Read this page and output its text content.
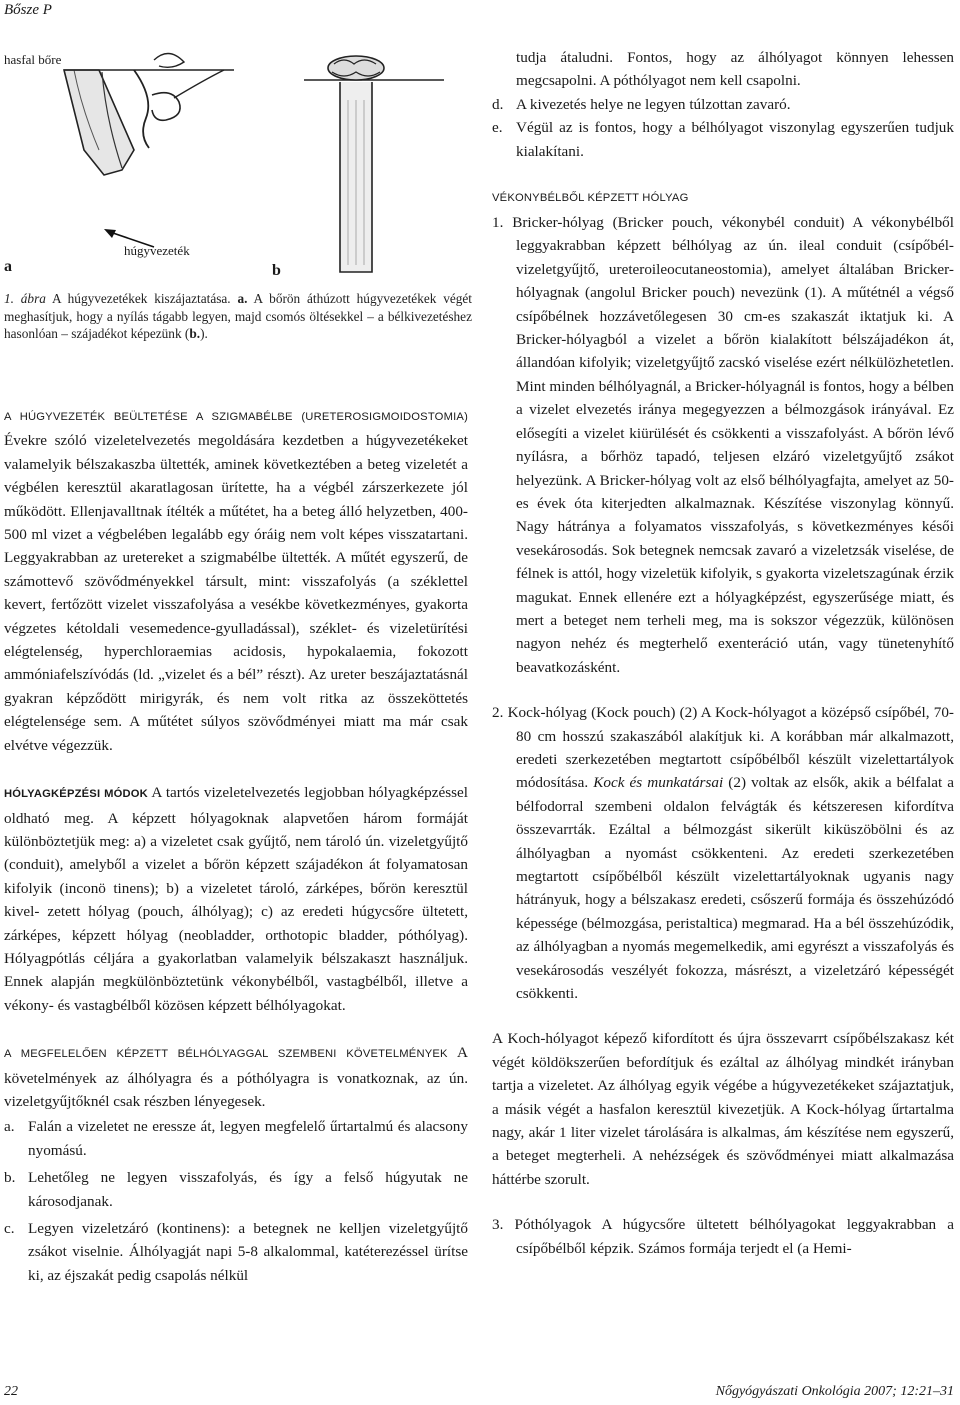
Bősze P
hasfal bőre
a
húgyvezeték
b
1. ábra A húgyvezetékek kiszájaztatása. a. A bőrön áthúzott húgyvezetékek végét meghasítjuk, hogy a nyílás tágabb legyen, majd csomós öltésekkel – a bélkivezetéshez hasonlóan – szájadékot képezünk (b.).

A HÚGYVEZETÉK BEÜLTETÉSE A SZIGMABÉLBE (URETEROSIGMOIDOSTOMIA) Évekre szóló vizeletelvezetés megoldására kezdetben a húgyvezetékeket valamelyik bélszakaszba ültették, aminek következtében a beteg vizeletét a végbélen keresztül akaratlagosan ürítette, ha a végbél zárszerkezete jól működött. Ellenjavalltnak ítélték a műtétet, ha a beteg álló helyzetben, 400-500 ml vizet a végbelében legalább egy óráig nem volt képes visszatartani. Leggyakrabban az uretereket a szigmabélbe ültették. A műtét egyszerű, de számottevő szövődményekkel társult, mint: visszafolyás (a széklettel kevert, fertőzött vizelet visszafolyása a vesékbe következményes, gyakorta végzetes kétoldali vesemedence-gyulladással), széklet- és vizeletürítési elégtelenség, hyperchloraemias acidosis, hypokalaemia, fokozott ammóniafelszívódás (ld. „vizelet és a bél” részt). Az ureter beszájaztatásnál gyakran képződött mirigyrák, és nem volt ritka az összeköttetés elégtelensége sem. A műtétet súlyos szövődményei miatt ma már csak elvétve végezzük.

HÓLYAGKÉPZÉSI MÓDOK A tartós vizeletelvezetés legjobban hólyagképzéssel oldható meg. A képzett hólyagoknak alapvetően három formáját különböztetjük meg: a) a vizeletet csak gyűjtő, nem tároló ún. vizeletgyűjtő (conduit), amelyből a vizelet a bőrön képzett szájadékon át folyamatosan kifolyik (inconö tinens); b) a vizeletet tároló, zárképes, bőrön keresztül kivel- zetett hólyag (pouch, álhólyag); c) az eredeti húgycsőre ültetett, zárképes, képzett hólyag (neobladder, orthotopic bladder, póthólyag). Hólyagpótlás céljára a gyakorlatban valamelyik bélszakaszt használjuk. Ennek alapján megkülönböztetünk vékonybélből, vastagbélből, illetve a vékony- és vastagbélből közösen képzett bélhólyagokat.

A MEGFELELŐEN KÉPZETT BÉLHÓLYAGGAL SZEMBENI KÖVETELMÉNYEK A követelmények az álhólyagra és a póthólyagra is vonatkoznak, az ún. vizeletgyűjtőknél csak részben lényegesek.

a. Falán a vizeletet ne eressze át, legyen megfelelő űrtartalmú és alacsony nyomású.
b. Lehetőleg ne legyen visszafolyás, és így a felső húgyutak ne károsodjanak.
c. Legyen vizeletzáró (kontinens): a betegnek ne kelljen vizeletgyűjtő zsákot viselnie. Álhólyagját napi 5-8 alkalommal, katéterezéssel ürítse ki, az éjszakát pedig csapolás nélkül

tudja átaludni. Fontos, hogy az álhólyagot könnyen lehessen megcsapolni. A póthólyagot nem kell csapolni.

d. A kivezetés helye ne legyen túlzottan zavaró.
e. Végül az is fontos, hogy a bélhólyagot viszonylag egyszerűen tudjuk kialakítani.

VÉKONYBÉLBŐL KÉPZETT HÓLYAG

1. Bricker-hólyag (Bricker pouch, vékonybél conduit) A vékonybélből leggyakrabban képzett bélhólyag az ún. ileal conduit (csípőbél-vizeletgyűjtő, ureteroileocutaneostomia), amelyet általában Bricker-hólyagnak (angolul Bricker pouch) nevezünk (1). A műtétnél a végső csípőbélnek hozzávetőlegesen 30 cm-es szakaszát iktatjuk ki. A Bricker-hólyagból a vizelet a bőrön kialakított bélszájadékon át, állandóan kifolyik; vizeletgyűjtő zacskó viselése ezért nélkülözhetetlen. Mint minden bélhólyagnál, a Bricker-hólyagnál is fontos, hogy a bélben a vizelet elvezetés iránya megegyezzen a bélmozgások irányával. Ez elősegíti a vizelet kiürülését és csökkenti a visszafolyást. A bőrön lévő nyílásra, a bőrhöz tapadó, teljesen elzáró vizeletgyűjtő zsákot helyezünk. A Bricker-hólyag volt az első bélhólyagfajta, amelyet az 50-es évek óta kiterjedten alkalmaznak. Készítése viszonylag könnyű. Nagy hátránya a folyamatos visszafolyás, s következményes késői vesekárosodás. Sok betegnek nemcsak zavaró a vizeletzsák viselése, de félnek is attól, hogy vizeletük kifolyik, s gyakorta vizeletszagúnak érzik magukat. Ennek ellenére ezt a hólyagképzést, egyszerűsége miatt, és mert a beteget nem terheli meg, ma is sokszor végezzük, különösen nagyon nehéz és megterhelő exenteráció után, vagy tünetenyhítő beavatkozásként.

2. Kock-hólyag (Kock pouch) (2) A Kock-hólyagot a középső csípőbél, 70-80 cm hosszú szakaszából alakítjuk ki. A korábban már alkalmazott, eredeti szerkezetében megtartott csípőbélből készült vizelettartályok módosítása. Kock és munkatársai (2) voltak az elsők, akik a bélfalat a bélfodorral szembeni oldalon felvágták és kétszeresen kifordítva összevarrták. Ezáltal a bélmozgást sikerült kiküszöbölni és az álhólyagban a nyomást csökkenteni. Az eredeti szerkezetében megtartott csípőbélből készült vizelettartályoknak ugyanis nagy hátrányuk, hogy a bélszakasz eredeti, csőszerű formája és összehúzódó képessége (bélmozgása, peristaltica) megmarad. Ha a bél összehúzódik, az álhólyagban a nyomás megemelkedik, ami egyrészt a visszafolyás és vesekárosodás veszélyét fokozza, másrészt, a vizeletzáró képességét csökkenti.

A Koch-hólyagot képező kifordított és újra összevarrt csípőbélszakasz két végét köldökszerűen befordítjuk és ezáltal az álhólyag mindkét irányban tartja a vizeletet. Az álhólyag egyik végébe a húgyvezetékeket szájaztatjuk, a másik végét a hasfalon keresztül kivezetjük. A Kock-hólyag űrtartalma nagy, akár 1 liter vizelet tárolására is alkalmas, ám készítése nem egyszerű, a beteget megterheli. A nehézségek és szövődményei miatt alkalmazása háttérbe szorult.

3. Póthólyagok A húgycsőre ültetett bélhólyagokat leggyakrabban a csípőbélből képzik. Számos formája terjedt el (a Hemi-

22	Nőgyógyászati Onkológia 2007; 12:21–31
